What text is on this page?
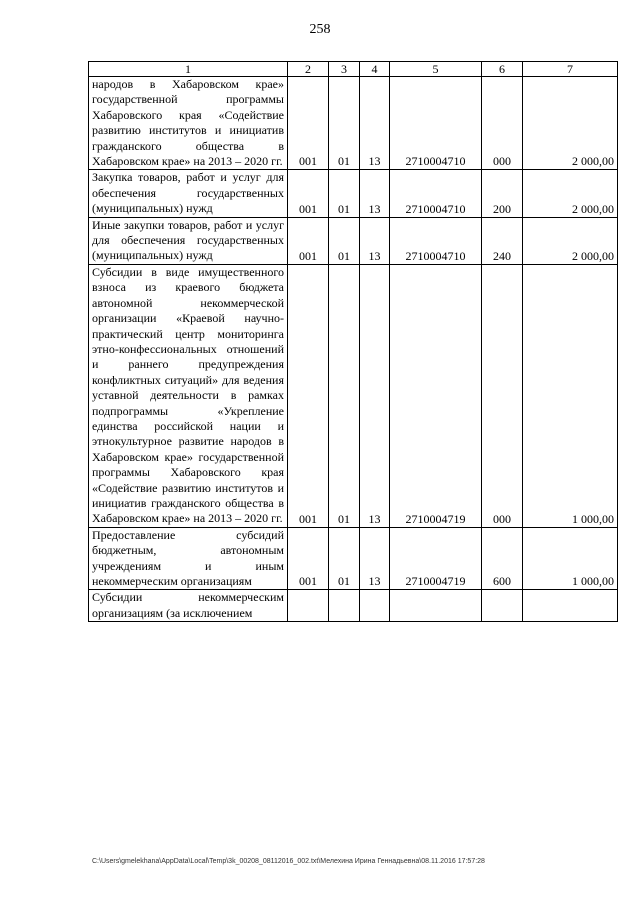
258
1	2	3	4	5	6	7
народов в Хабаровском крае» государственной программы Хабаровского края «Содействие развитию институтов и инициатив гражданского общества в Хабаровском крае» на 2013 – 2020 гг.	001	01	13	2710004710	000	2 000,00
Закупка товаров, работ и услуг для обеспечения государственных (муниципальных) нужд	001	01	13	2710004710	200	2 000,00
Иные закупки товаров, работ и услуг для обеспечения государственных (муниципальных) нужд	001	01	13	2710004710	240	2 000,00
Субсидии в виде имущественного взноса из краевого бюджета автономной некоммерческой организации «Краевой научно-практический центр мониторинга этно-конфессиональных отношений и раннего предупреждения конфликтных ситуаций» для ведения уставной деятельности в рамках подпрограммы «Укрепление единства российской нации и этнокультурное развитие народов в Хабаровском крае» государственной программы Хабаровского края «Содействие развитию институтов и инициатив гражданского общества в Хабаровском крае» на 2013 – 2020 гг.	001	01	13	2710004719	000	1 000,00
Предоставление субсидий бюджетным, автономным учреждениям и иным некоммерческим организациям	001	01	13	2710004719	600	1 000,00
Субсидии некоммерческим организациям (за исключением						
C:\Users\gmelekhana\AppData\Local\Temp\3k_00208_08112016_002.txt\Мелехина Ирина Геннадьевна\08.11.2016 17:57:28
